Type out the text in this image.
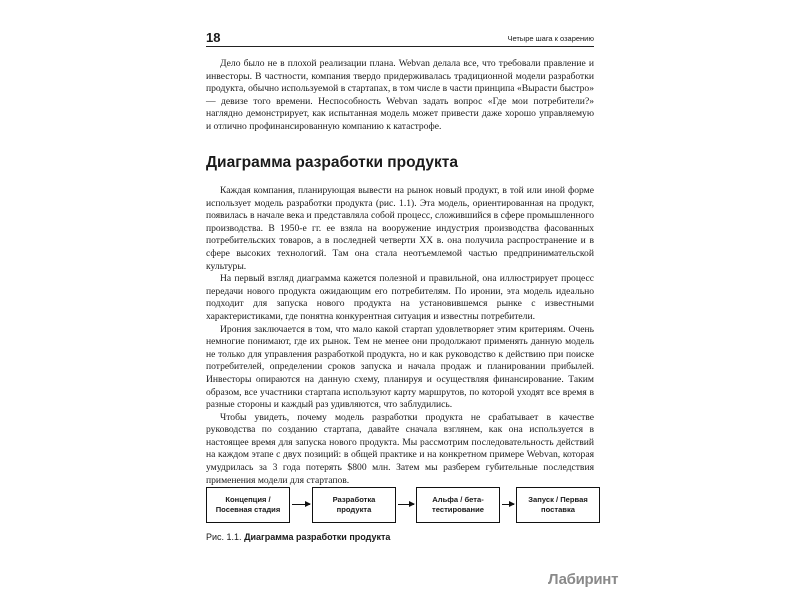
18	Четыре шага к озарению

Дело было не в плохой реализации плана. Webvan делала все, что требовали правление и инвесторы. В частности, компания твердо придерживалась традиционной модели разработки продукта, обычно используемой в стартапах, в том числе в части принципа «Вырасти быстро» — девизе того времени. Неспособность Webvan задать вопрос «Где мои потребители?» наглядно демонстрирует, как испытанная модель может привести даже хорошо управляемую и отлично профинансированную компанию к катастрофе.

Диаграмма разработки продукта

Каждая компания, планирующая вывести на рынок новый продукт, в той или иной форме использует модель разработки продукта (рис. 1.1). Эта модель, ориентированная на продукт, появилась в начале века и представляла собой процесс, сложившийся в сфере промышленного производства. В 1950-е гг. ее взяла на вооружение индустрия производства фасованных потребительских товаров, а в последней четверти XX в. она получила распространение и в сфере высоких технологий. Там она стала неотъемлемой частью предпринимательской культуры.

На первый взгляд диаграмма кажется полезной и правильной, она иллюстрирует процесс передачи нового продукта ожидающим его потребителям. По иронии, эта модель идеально подходит для запуска нового продукта на установившемся рынке с известными характеристиками, где понятна конкурентная ситуация и известны потребители.

Ирония заключается в том, что мало какой стартап удовлетворяет этим критериям. Очень немногие понимают, где их рынок. Тем не менее они продолжают применять данную модель не только для управления разработкой продукта, но и как руководство к действию при поиске потребителей, определении сроков запуска и начала продаж и планировании прибылей. Инвесторы опираются на данную схему, планируя и осуществляя финансирование. Таким образом, все участники стартапа используют карту маршрутов, по которой уходят все время в разные стороны и каждый раз удивляются, что заблудились.

Чтобы увидеть, почему модель разработки продукта не срабатывает в качестве руководства по созданию стартапа, давайте сначала взглянем, как она используется в настоящее время для запуска нового продукта. Мы рассмотрим последовательность действий на каждом этапе с двух позиций: в общей практике и на конкретном примере Webvan, которая умудрилась за 3 года потерять $800 млн. Затем мы разберем губительные последствия применения модели для стартапов.

Концепция / Посевная стадия
Разработка продукта
Альфа / бета-тестирование
Запуск / Первая поставка
Рис. 1.1. Диаграмма разработки продукта
Лабиринт
